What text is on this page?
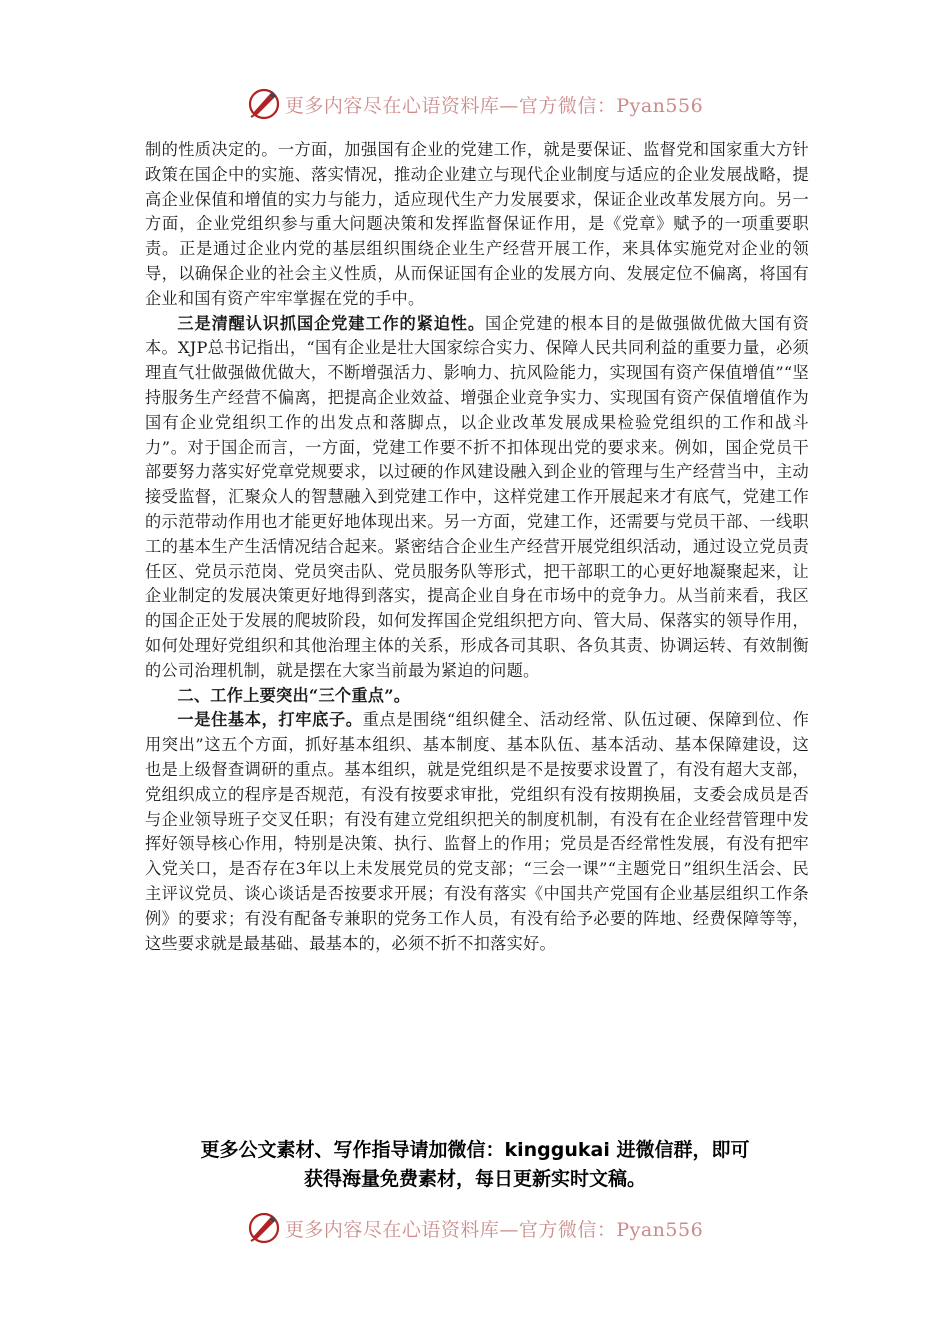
更多内容尽在心语资料库—官方微信：Pyan556

制的性质决定的。一方面，加强国有企业的党建工作，就是要保证、监督党和国家重大方针政策在国企中的实施、落实情况，推动企业建立与现代企业制度与适应的企业发展战略，提高企业保值和增值的实力与能力，适应现代生产力发展要求，保证企业改革发展方向。另一方面，企业党组织参与重大问题决策和发挥监督保证作用，是《党章》赋予的一项重要职责。正是通过企业内党的基层组织围绕企业生产经营开展工作，来具体实施党对企业的领导，以确保企业的社会主义性质，从而保证国有企业的发展方向、发展定位不偏离，将国有企业和国有资产牢牢掌握在党的手中。

三是清醒认识抓国企党建工作的紧迫性。国企党建的根本目的是做强做优做大国有资本。XJP总书记指出，“国有企业是壮大国家综合实力、保障人民共同利益的重要力量，必须理直气壮做强做优做大，不断增强活力、影响力、抗风险能力，实现国有资产保值增值”“坚持服务生产经营不偏离，把提高企业效益、增强企业竞争实力、实现国有资产保值增值作为国有企业党组织工作的出发点和落脚点，以企业改革发展成果检验党组织的工作和战斗力”。对于国企而言，一方面，党建工作要不折不扣体现出党的要求来。例如，国企党员干部要努力落实好党章党规要求，以过硬的作风建设融入到企业的管理与生产经营当中，主动接受监督，汇聚众人的智慧融入到党建工作中，这样党建工作开展起来才有底气，党建工作的示范带动作用也才能更好地体现出来。另一方面，党建工作，还需要与党员干部、一线职工的基本生产生活情况结合起来。紧密结合企业生产经营开展党组织活动，通过设立党员责任区、党员示范岗、党员突击队、党员服务队等形式，把干部职工的心更好地凝聚起来，让企业制定的发展决策更好地得到落实，提高企业自身在市场中的竞争力。从当前来看，我区的国企正处于发展的爬坡阶段，如何发挥国企党组织把方向、管大局、保落实的领导作用，如何处理好党组织和其他治理主体的关系，形成各司其职、各负其责、协调运转、有效制衡的公司治理机制，就是摆在大家当前最为紧迫的问题。

二、工作上要突出“三个重点”。

一是住基本，打牢底子。重点是围绕“组织健全、活动经常、队伍过硬、保障到位、作用突出”这五个方面，抓好基本组织、基本制度、基本队伍、基本活动、基本保障建设，这也是上级督查调研的重点。基本组织，就是党组织是不是按要求设置了，有没有超大支部，党组织成立的程序是否规范，有没有按要求审批，党组织有没有按期换届，支委会成员是否与企业领导班子交叉任职；有没有建立党组织把关的制度机制，有没有在企业经营管理中发挥好领导核心作用，特别是决策、执行、监督上的作用；党员是否经常性发展，有没有把牢入党关口，是否存在3年以上未发展党员的党支部；“三会一课”“主题党日”组织生活会、民主评议党员、谈心谈话是否按要求开展；有没有落实《中国共产党国有企业基层组织工作条例》的要求；有没有配备专兼职的党务工作人员，有没有给予必要的阵地、经费保障等等，这些要求就是最基础、最基本的，必须不折不扣落实好。

更多公文素材、写作指导请加微信：kinggukai 进微信群，即可
获得海量免费素材，每日更新实时文稿。
更多内容尽在心语资料库—官方微信：Pyan556
